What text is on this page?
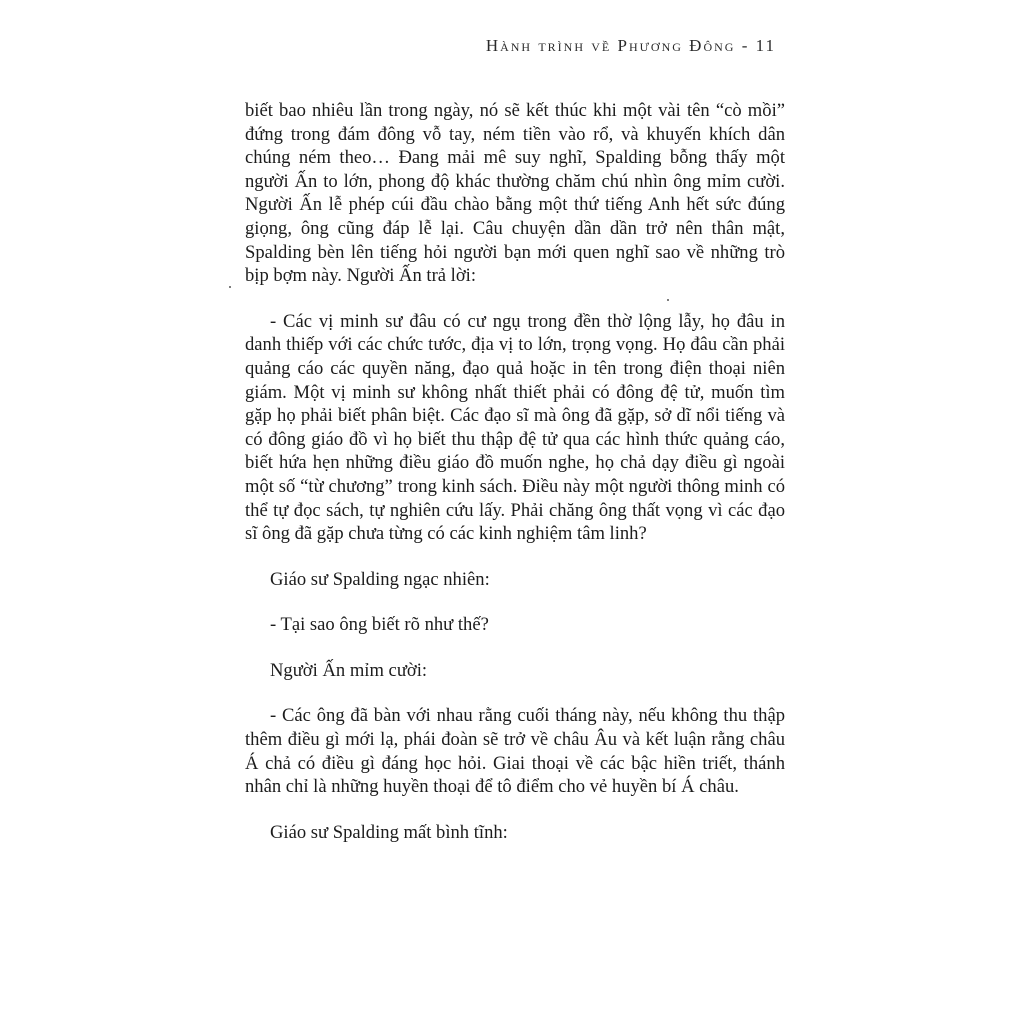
Hành trình về Phương Đông - 11

biết bao nhiêu lần trong ngày, nó sẽ kết thúc khi một vài tên “cò mồi” đứng trong đám đông vỗ tay, ném tiền vào rổ, và khuyến khích dân chúng ném theo… Đang mải mê suy nghĩ, Spalding bỗng thấy một người Ấn to lớn, phong độ khác thường chăm chú nhìn ông mỉm cười. Người Ấn lễ phép cúi đầu chào bằng một thứ tiếng Anh hết sức đúng giọng, ông cũng đáp lễ lại. Câu chuyện dần dần trở nên thân mật, Spalding bèn lên tiếng hỏi người bạn mới quen nghĩ sao về những trò bịp bợm này. Người Ấn trả lời:

- Các vị minh sư đâu có cư ngụ trong đền thờ lộng lẫy, họ đâu in danh thiếp với các chức tước, địa vị to lớn, trọng vọng. Họ đâu cần phải quảng cáo các quyền năng, đạo quả hoặc in tên trong điện thoại niên giám. Một vị minh sư không nhất thiết phải có đông đệ tử, muốn tìm gặp họ phải biết phân biệt. Các đạo sĩ mà ông đã gặp, sở dĩ nổi tiếng và có đông giáo đồ vì họ biết thu thập đệ tử qua các hình thức quảng cáo, biết hứa hẹn những điều giáo đồ muốn nghe, họ chả dạy điều gì ngoài một số “từ chương” trong kinh sách. Điều này một người thông minh có thể tự đọc sách, tự nghiên cứu lấy. Phải chăng ông thất vọng vì các đạo sĩ ông đã gặp chưa từng có các kinh nghiệm tâm linh?

Giáo sư Spalding ngạc nhiên:

- Tại sao ông biết rõ như thế?

Người Ấn mỉm cười:

- Các ông đã bàn với nhau rằng cuối tháng này, nếu không thu thập thêm điều gì mới lạ, phái đoàn sẽ trở về châu Âu và kết luận rằng châu Á chả có điều gì đáng học hỏi. Giai thoại về các bậc hiền triết, thánh nhân chỉ là những huyền thoại để tô điểm cho vẻ huyền bí Á châu.

Giáo sư Spalding mất bình tĩnh:
